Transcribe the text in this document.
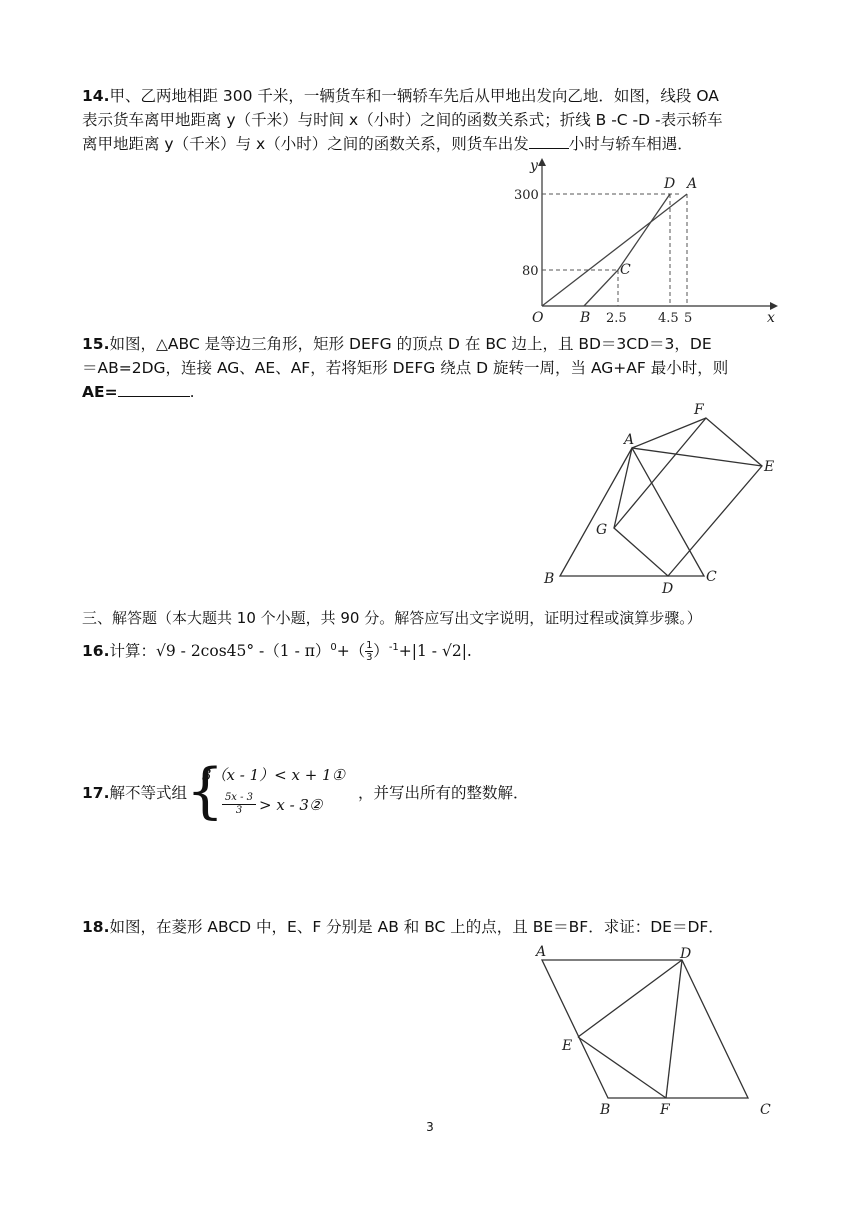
14.甲、乙两地相距 300 千米，一辆货车和一辆轿车先后从甲地出发向乙地．如图，线段 OA
表示货车离甲地距离 y（千米）与时间 x（小时）之间的函数关系式；折线 B -C -D -表示轿车
离甲地距离 y（千米）与 x（小时）之间的函数关系，则货车出发	小时与轿车相遇．
y
x
O
300
80
2.5 4.5 5
D A
C
B
15.如图，△ABC 是等边三角形，矩形 DEFG 的顶点 D 在 BC 边上，且 BD＝3CD＝3，DE
＝AB=2DG，连接 AG、AE、AF，若将矩形 DEFG 绕点 D 旋转一周，当 AG+AF 最小时，则
AE=	.
A
B	C
D
E
F
G
三、解答题（本大题共 10 个小题，共 90 分。解答应写出文字说明，证明过程或演算步骤。）
16.计算：√9 - 2cos45° $-(1 - \pi)^0+( \frac{1}{3} )^{-1}+|1 - √2|$.
17.解不等式组 {
3（x - 1）< x + 1①
5x - 3
3 > x - 3②
，并写出所有的整数解．
18.如图，在菱形 ABCD 中，E、F 分别是 AB 和 BC 上的点，且 BE＝BF．求证：DE＝DF．
A	D
E
B	F	C
3
